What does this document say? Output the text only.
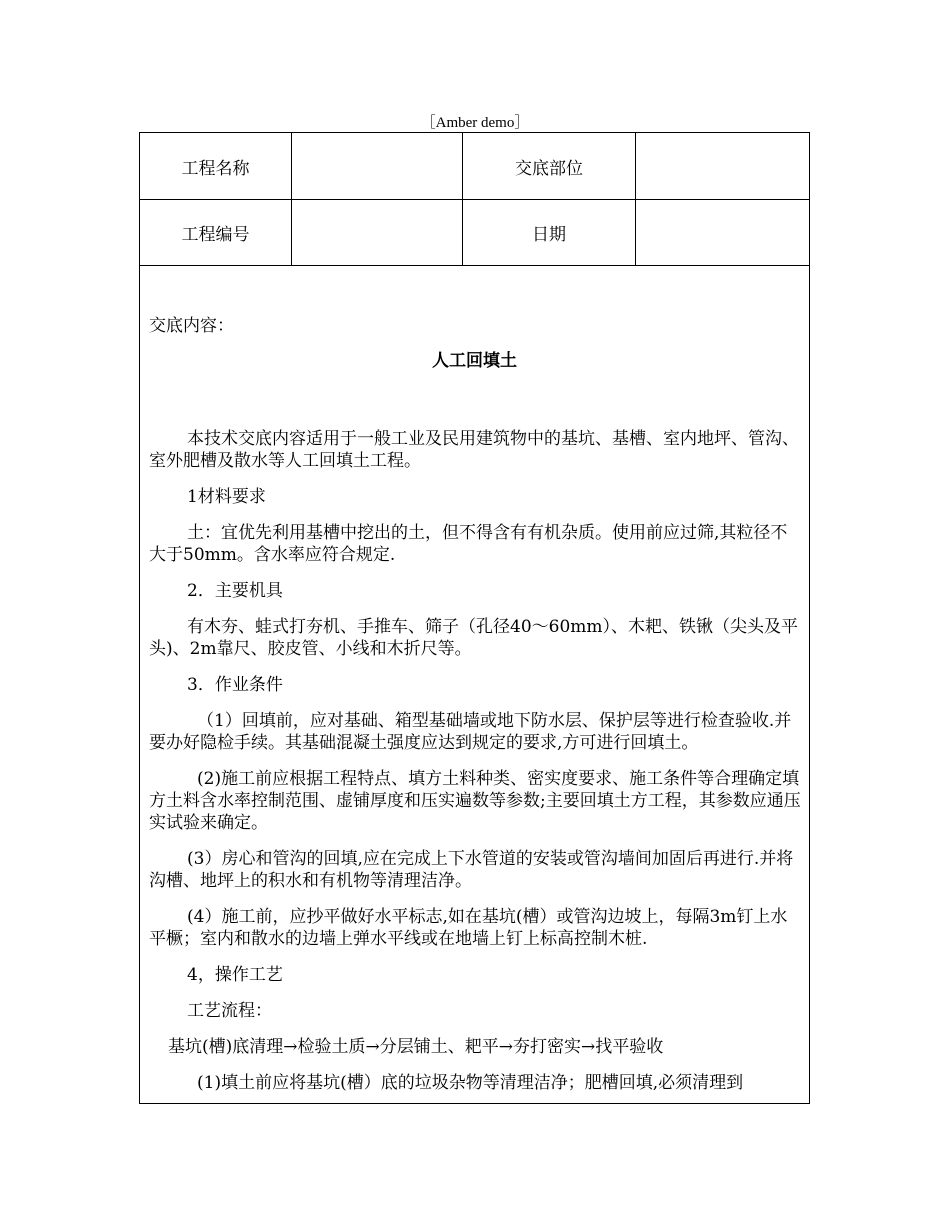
［Amber demo］
工程名称	交底部位
工程编号	日期
交底内容：
人工回填土

本技术交底内容适用于一般工业及民用建筑物中的基坑、基槽、室内地坪、管沟、室外肥槽及散水等人工回填土工程。

1材料要求

土：宜优先利用基槽中挖出的土，但不得含有有机杂质。使用前应过筛,其粒径不大于50mm。含水率应符合规定.

2．主要机具

有木夯、蛙式打夯机、手推车、筛子（孔径40～60mm）、木耙、铁锹（尖头及平头)、2m靠尺、胶皮管、小线和木折尺等。

3．作业条件

（1）回填前，应对基础、箱型基础墙或地下防水层、保护层等进行检查验收.并要办好隐检手续。其基础混凝土强度应达到规定的要求,方可进行回填土。

(2)施工前应根据工程特点、填方土料种类、密实度要求、施工条件等合理确定填方土料含水率控制范围、虚铺厚度和压实遍数等参数;主要回填土方工程，其参数应通压实试验来确定。

(3）房心和管沟的回填,应在完成上下水管道的安装或管沟墙间加固后再进行.并将沟槽、地坪上的积水和有机物等清理洁净。

(4）施工前，应抄平做好水平标志,如在基坑(槽）或管沟边坡上，每隔3m钉上水平橛；室内和散水的边墙上弹水平线或在地墙上钉上标高控制木桩.

4，操作工艺

工艺流程：

基坑(槽)底清理→检验土质→分层铺土、耙平→夯打密实→找平验收

(1)填土前应将基坑(槽）底的垃圾杂物等清理洁净；肥槽回填,必须清理到
